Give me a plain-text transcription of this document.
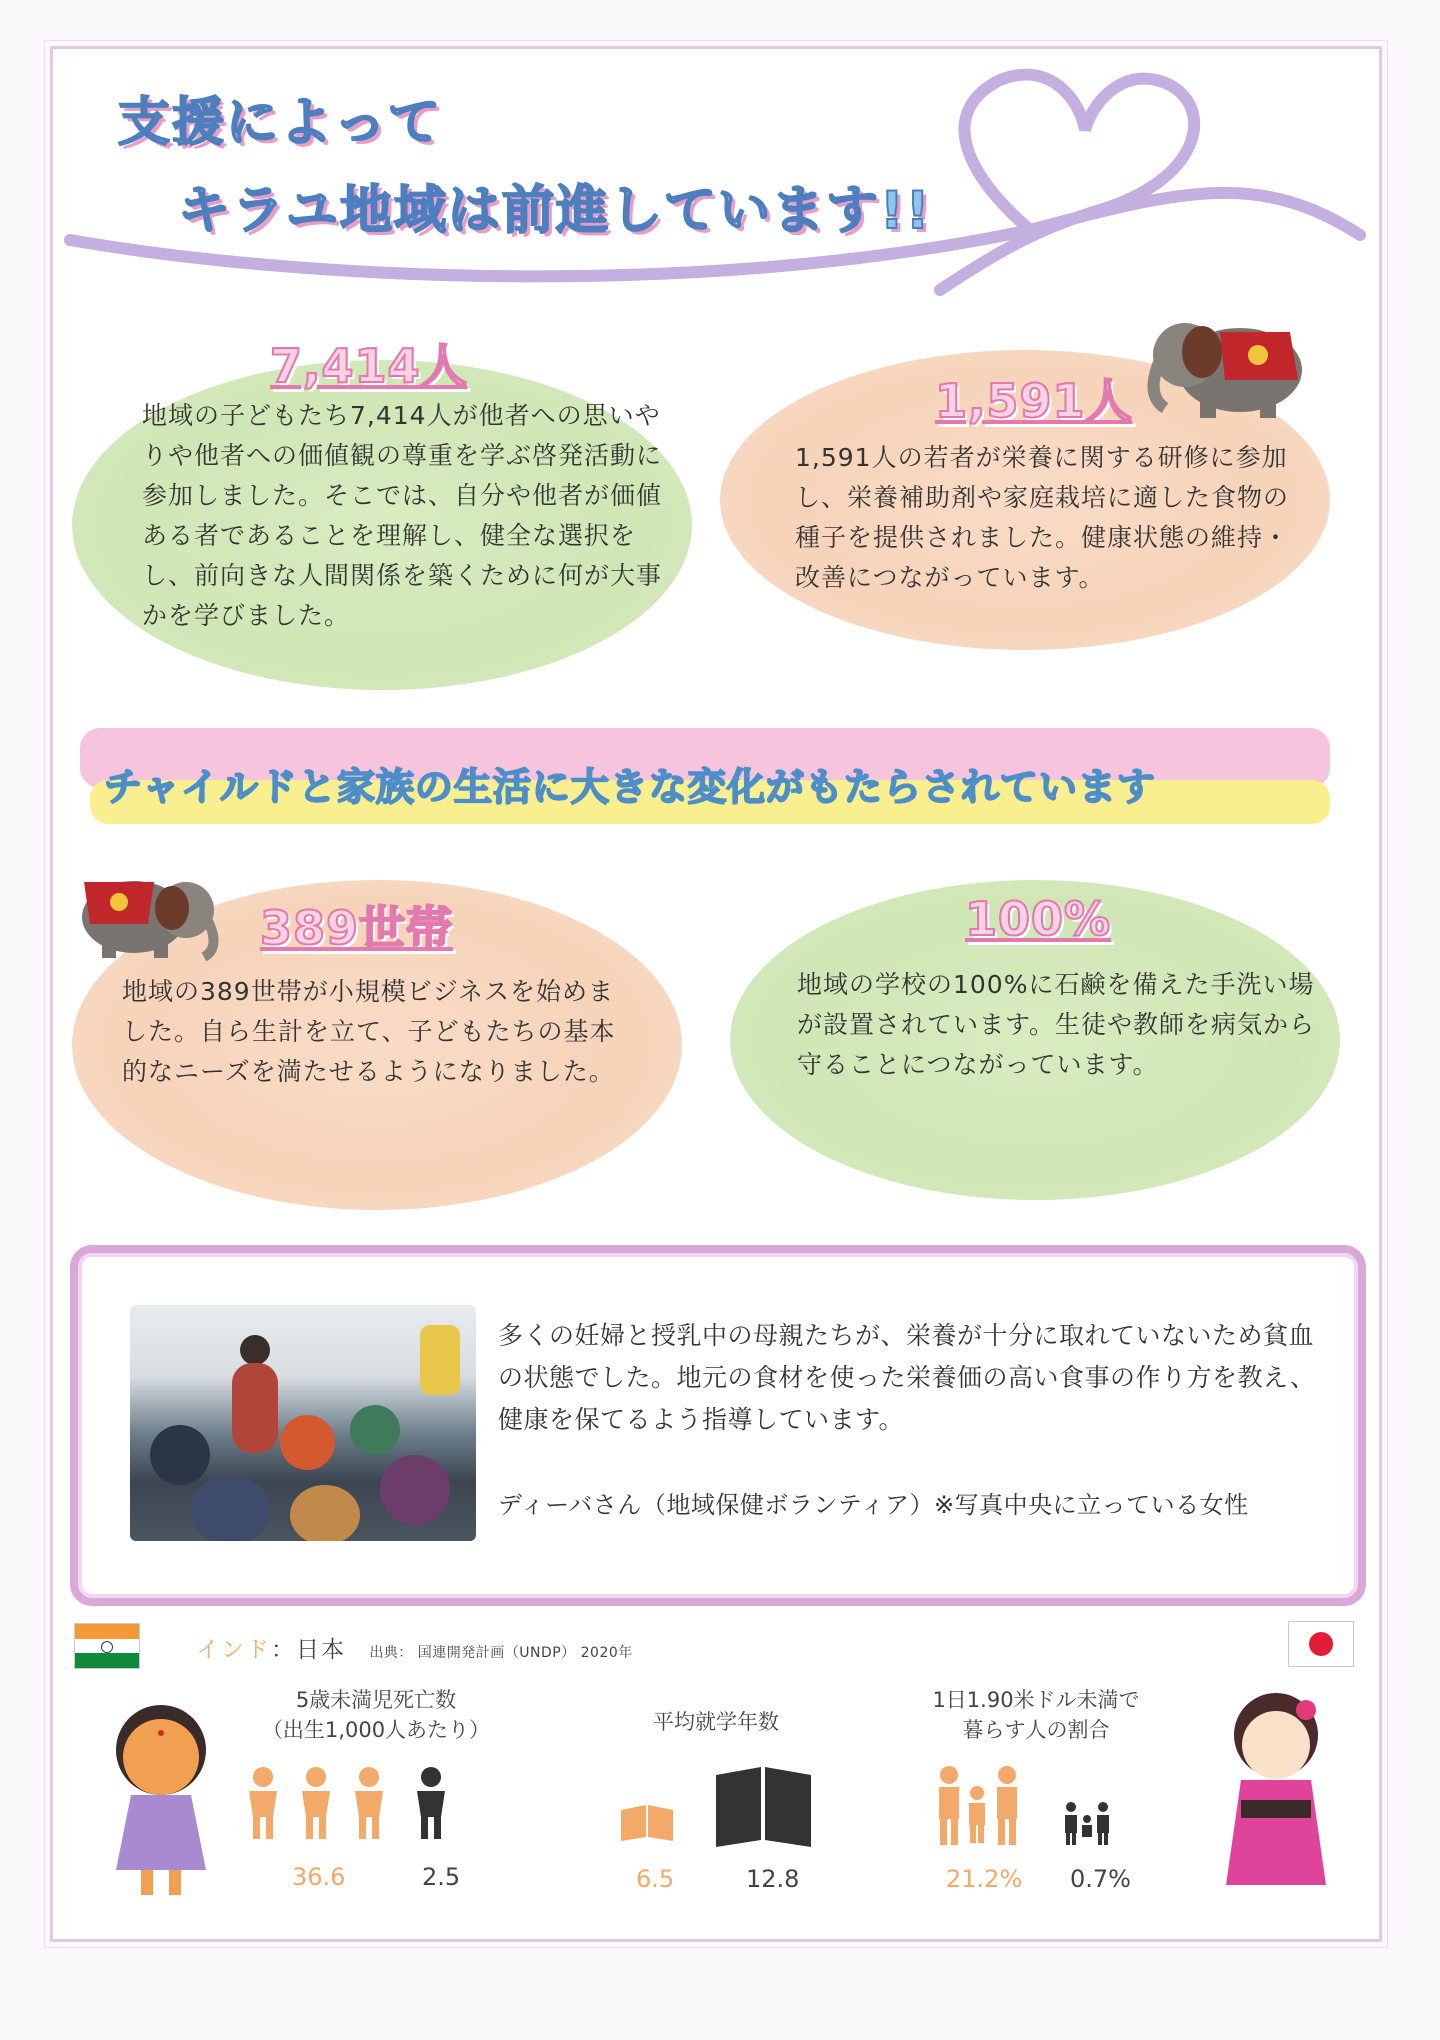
支援によって
キラユ地域は前進しています!!
7,414人
地域の子どもたち7,414人が他者への思いやりや他者への価値観の尊重を学ぶ啓発活動に参加しました。そこでは、自分や他者が価値ある者であることを理解し、健全な選択をし、前向きな人間関係を築くために何が大事かを学びました。
1,591人
1,591人の若者が栄養に関する研修に参加し、栄養補助剤や家庭栽培に適した食物の種子を提供されました。健康状態の維持・改善につながっています。
チャイルドと家族の生活に大きな変化がもたらされています
389世帯
地域の389世帯が小規模ビジネスを始めました。自ら生計を立て、子どもたちの基本的なニーズを満たせるようになりました。
100%
地域の学校の100%に石鹸を備えた手洗い場が設置されています。生徒や教師を病気から守ることにつながっています。
多くの妊婦と授乳中の母親たちが、栄養が十分に取れていないため貧血の状態でした。地元の食材を使った栄養価の高い食事の作り方を教え、健康を保てるよう指導しています。
ディーバさん（地域保健ボランティア）※写真中央に立っている女性
インド：日本 出典： 国連開発計画（UNDP） 2020年
5歳未満児死亡数
（出生1,000人あたり）
36.6	2.5
平均就学年数
6.5	12.8
1日1.90米ドル未満で
暮らす人の割合
21.2% 0.7%
